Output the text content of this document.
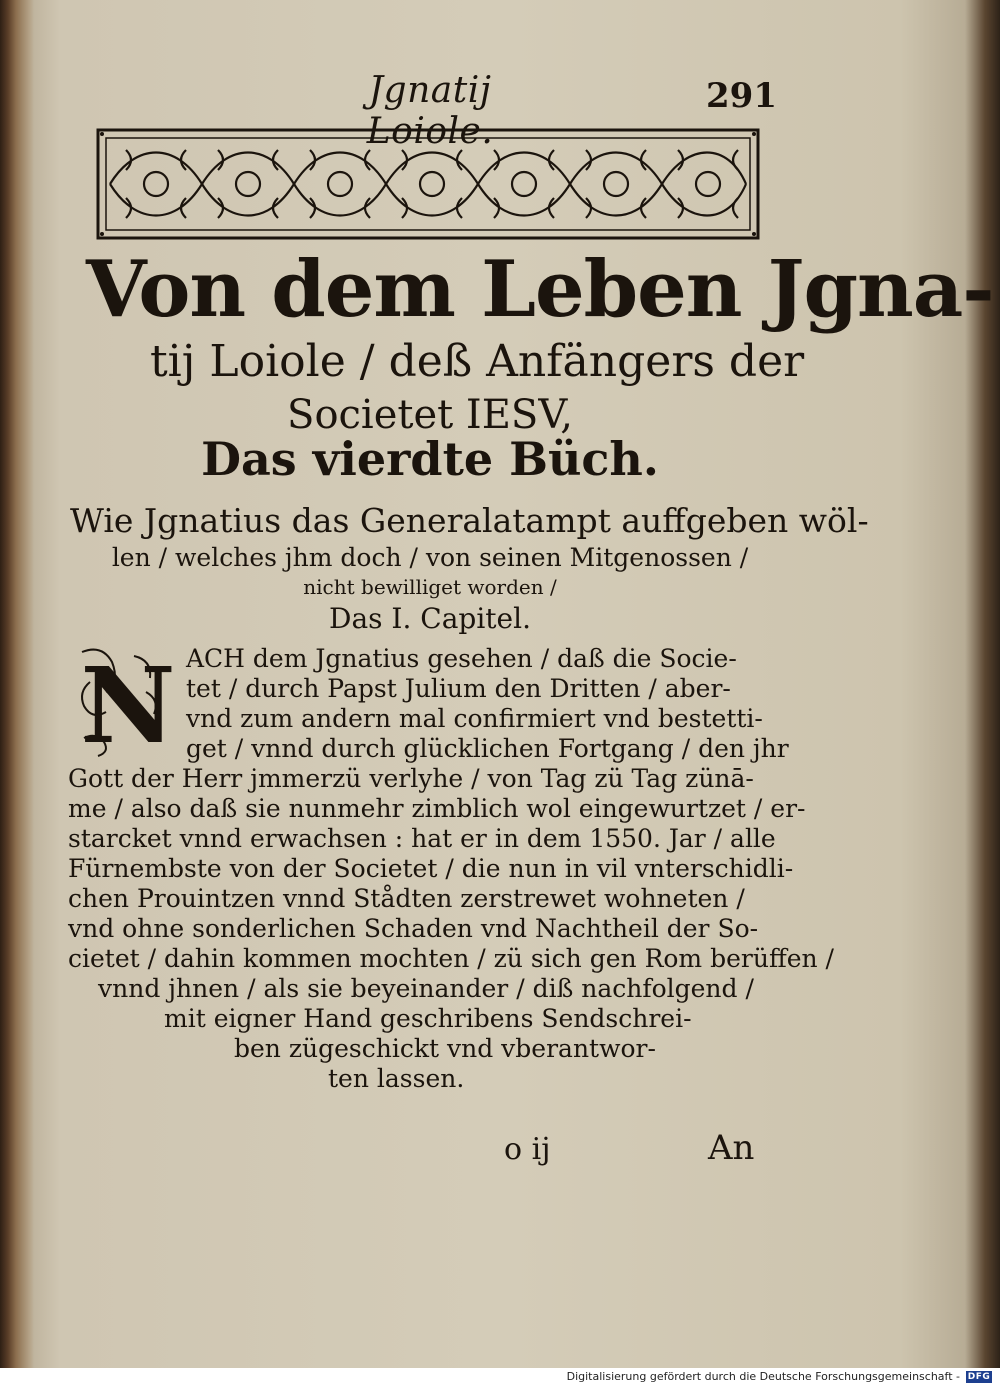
Jgnatij Loiole.
291
Von dem Leben Jgna-
tij Loiole / deß Anfängers der
Societet IESV,
Das vierdte Büch.
Wie Jgnatius das Generalatampt auffgeben wöl-
len / welches jhm doch / von seinen Mitgenossen /
nicht bewilliget worden /
Das I. Capitel.
N ACH dem Jgnatius gesehen / daß die Socie-
tet / durch Papst Julium den Dritten / aber-
vnd zum andern mal confirmiert vnd bestetti-
get / vnnd durch glücklichen Fortgang / den jhr
Gott der Herr jmmerzü verlyhe / von Tag zü Tag zünā-
me / also daß sie nunmehr zimblich wol eingewurtzet / er-
starcket vnnd erwachsen : hat er in dem 1550. Jar / alle
Fürnembste von der Societet / die nun in vil vnterschidli-
chen Prouintzen vnnd Stådten zerstrewet wohneten /
vnd ohne sonderlichen Schaden vnd Nachtheil der So-
cietet / dahin kommen mochten / zü sich gen Rom berüffen /
vnnd jhnen / als sie beyeinander / diß nachfolgend /
mit eigner Hand geschribens Sendschrei-
ben zügeschickt vnd vberantwor-
ten lassen.
o ij	An
Digitalisierung gefördert durch die Deutsche Forschungsgemeinschaft - DFG
